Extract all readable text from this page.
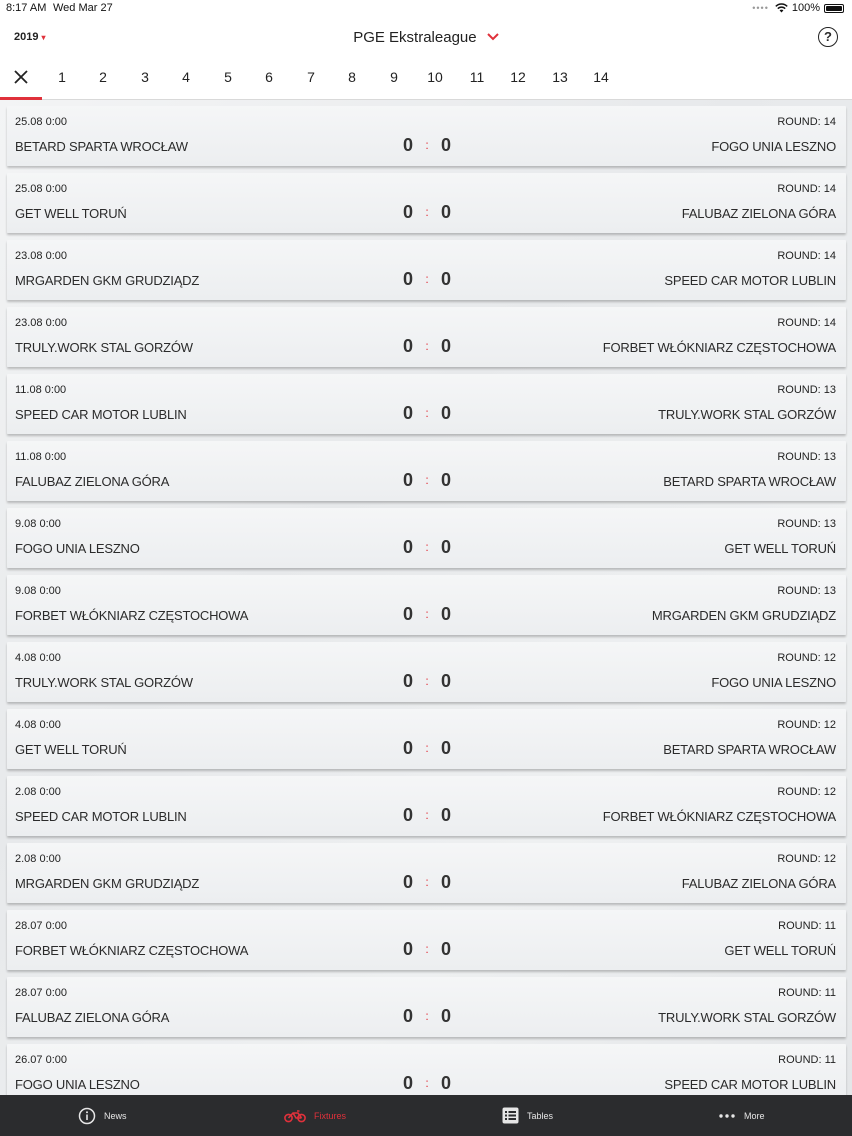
8:17 AM Wed Mar 27	•••• 100%
2019 ▾	PGE Ekstraleague	?
1	2	3	4	5	6	7	8	9	10	11	12	13	14
25.08 0:00	ROUND: 14
BETARD SPARTA WROCŁAW	0 : 0	FOGO UNIA LESZNO
25.08 0:00	ROUND: 14
GET WELL TORUŃ	0 : 0	FALUBAZ ZIELONA GÓRA
23.08 0:00	ROUND: 14
MRGARDEN GKM GRUDZIĄDZ	0 : 0	SPEED CAR MOTOR LUBLIN
23.08 0:00	ROUND: 14
TRULY.WORK STAL GORZÓW	0 : 0	FORBET WŁÓKNIARZ CZĘSTOCHOWA
11.08 0:00	ROUND: 13
SPEED CAR MOTOR LUBLIN	0 : 0	TRULY.WORK STAL GORZÓW
11.08 0:00	ROUND: 13
FALUBAZ ZIELONA GÓRA	0 : 0	BETARD SPARTA WROCŁAW
9.08 0:00	ROUND: 13
FOGO UNIA LESZNO	0 : 0	GET WELL TORUŃ
9.08 0:00	ROUND: 13
FORBET WŁÓKNIARZ CZĘSTOCHOWA	0 : 0	MRGARDEN GKM GRUDZIĄDZ
4.08 0:00	ROUND: 12
TRULY.WORK STAL GORZÓW	0 : 0	FOGO UNIA LESZNO
4.08 0:00	ROUND: 12
GET WELL TORUŃ	0 : 0	BETARD SPARTA WROCŁAW
2.08 0:00	ROUND: 12
SPEED CAR MOTOR LUBLIN	0 : 0	FORBET WŁÓKNIARZ CZĘSTOCHOWA
2.08 0:00	ROUND: 12
MRGARDEN GKM GRUDZIĄDZ	0 : 0	FALUBAZ ZIELONA GÓRA
28.07 0:00	ROUND: 11
FORBET WŁÓKNIARZ CZĘSTOCHOWA	0 : 0	GET WELL TORUŃ
28.07 0:00	ROUND: 11
FALUBAZ ZIELONA GÓRA	0 : 0	TRULY.WORK STAL GORZÓW
26.07 0:00	ROUND: 11
FOGO UNIA LESZNO	0 : 0	SPEED CAR MOTOR LUBLIN
News	Fixtures	Tables	More
